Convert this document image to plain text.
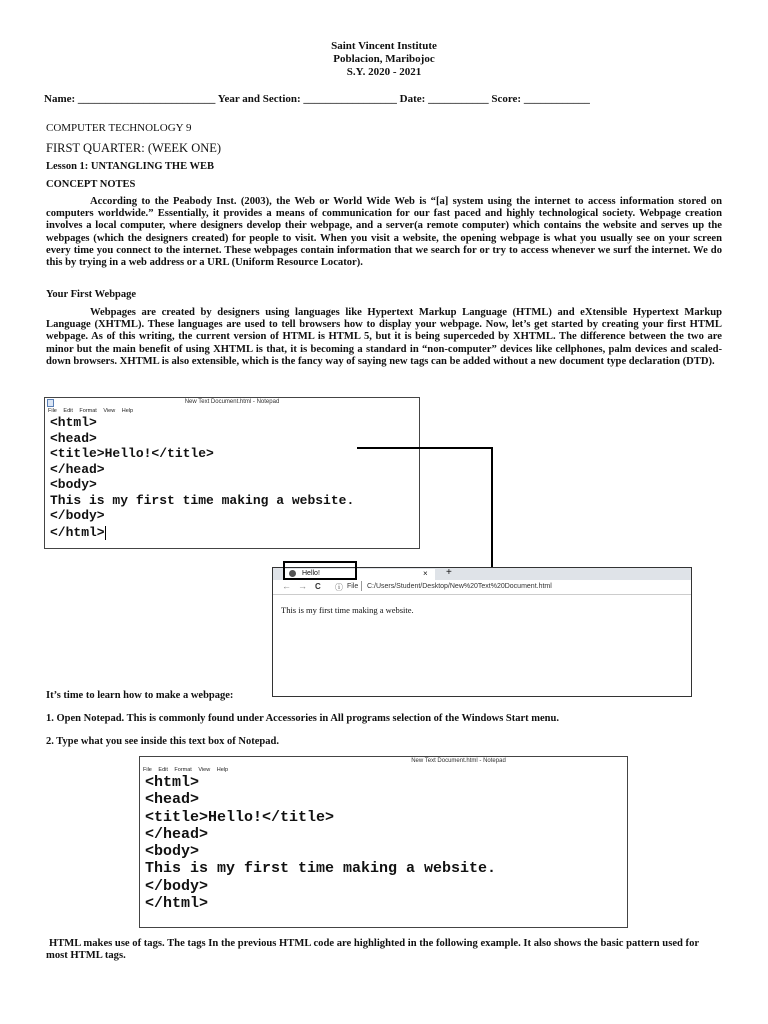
Saint Vincent Institute
Poblacion, Maribojoc
S.Y. 2020 - 2021
Name: _________________________ Year and Section: _________________ Date: ___________ Score: ____________
COMPUTER TECHNOLOGY 9
FIRST QUARTER: (WEEK ONE)
Lesson 1: UNTANGLING THE WEB
CONCEPT NOTES
According to the Peabody Inst. (2003), the Web or World Wide Web is “[a] system using the internet to access information stored on computers worldwide.” Essentially, it provides a means of communication for our fast paced and highly technological society. Webpage creation involves a local computer, where designers develop their webpage, and a server(a remote computer) which contains the website and serves up the webpages (which the designers created) for people to visit. When you visit a website, the opening webpage is what you usually see on your screen every time you connect to the internet. These webpages contain information that we search for or try to access whenever we surf the internet. We do this by trying in a web address or a URL (Uniform Resource Locator).
Your First Webpage
Webpages are created by designers using languages like Hypertext Markup Language (HTML) and eXtensible Hypertext Markup Language (XHTML). These languages are used to tell browsers how to display your webpage. Now, let’s get started by creating your first HTML webpage. As of this writing, the current version of HTML is HTML 5, but it is being superceded by XHTML. The difference between the two are minor but the main benefit of using XHTML is that, it is becoming a standard in “non-computer” devices like cellphones, palm devices and scaled-down browsers. XHTML is also extensible, which is the fancy way of saying new tags can be added without a new document type declaration (DTD).
New Text Document.html - Notepad
File Edit Format View Help
<html>
<head>
<title>Hello!</title>
</head>
<body>
This is my first time making a website.
</body>
</html>
Hello!	× +
← → C ⓘ File C:/Users/Student/Desktop/New%20Text%20Document.html
This is my first time making a website.
It’s time to learn how to make a webpage:
1. Open Notepad. This is commonly found under Accessories in All programs selection of the Windows Start menu.
2. Type what you see inside this text box of Notepad.
New Text Document.html - Notepad
File Edit Format View Help
<html>
<head>
<title>Hello!</title>
</head>
<body>
This is my first time making a website.
</body>
</html>
HTML makes use of tags. The tags In the previous HTML code are highlighted in the following example. It also shows the basic pattern used for most HTML tags.
